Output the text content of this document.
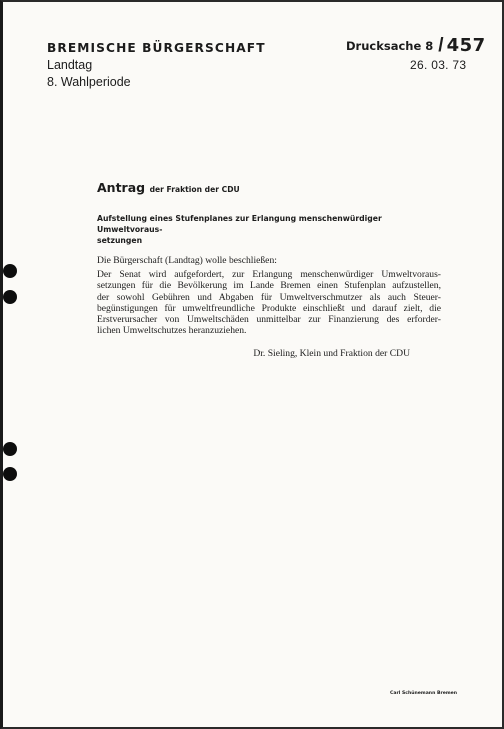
BREMISCHE BÜRGERSCHAFT
Landtag
8. Wahlperiode
Drucksache 8 / 457
26. 03. 73
Antrag der Fraktion der CDU
Aufstellung eines Stufenplanes zur Erlangung menschenwürdiger Umweltvoraus-
setzungen
Die Bürgerschaft (Landtag) wolle beschließen:
Der Senat wird aufgefordert, zur Erlangung menschenwürdiger Umweltvoraus-
setzungen für die Bevölkerung im Lande Bremen einen Stufenplan aufzustellen,
der sowohl Gebühren und Abgaben für Umweltverschmutzer als auch Steuer-
begünstigungen für umweltfreundliche Produkte einschließt und darauf zielt, die
Erstverursacher von Umweltschäden unmittelbar zur Finanzierung des erforder-
lichen Umweltschutzes heranzuziehen.
Dr. Sieling, Klein und Fraktion der CDU
Carl Schünemann Bremen
